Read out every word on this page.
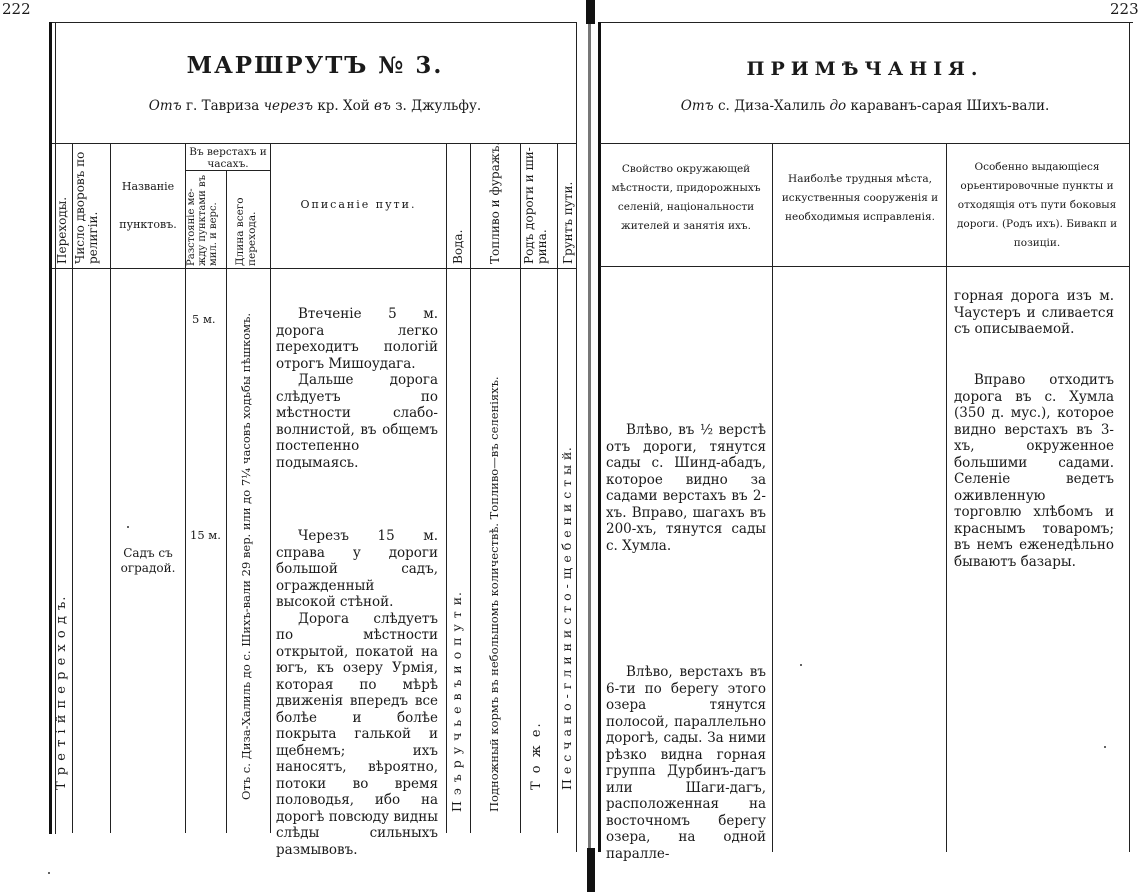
222
МАРШРУТЪ № 3.
Отъ г. Тавриза черезъ кр. Хой въ з. Джульфу.
Переходы. Число дворовъ по религіи.
Названіе
пунктовъ.
Въ верстахъ и часахъ.
Разстоянiе ме-жду пунктами въ мил. и верс. Длина всего перехода.
Описанiе пути.
Вода. Топливо и фуражъ. Родъ дороги и ши-рина. Грунтъ пути.
Т р е т і й п е р е х о д ъ.
5 м.
15 м.
Садъ съ оградой.	Отъ с. Диза-Халиль до с. Шихъ-вали 29 вер. или до 7¼ часовъ ходьбы пѣшкомъ.	П э ъ р у ч ь е в ъ и о п у т и. Подножный кормъ въ небольшомъ количествѣ. Топливо—въ селенiяхъ. Т о ж е. П е с ч а н о - г л и н и с т о - щ е б е н и с т ы й.

Втеченіе 5 м. дорога легко переходитъ пологій отрогъ Мишоудага.

Дальше дорога слѣдуетъ по мѣстности слабо-волнистой, въ общемъ постепенно подымаясь.

Черезъ 15 м. справа у дороги большой садъ, огражденный высокой стѣной.

Дорога слѣдуетъ по мѣстности открытой, покатой на югъ, къ озеру Урмія, которая по мѣрѣ движенія впередъ все болѣе и болѣе покрыта галькой и щебнемъ; ихъ наносятъ, вѣроятно, потоки во время половодья, ибо на дорогѣ повсюду видны слѣды сильныхъ размывовъ.

223
ПРИМѢЧАНІЯ.
Отъ с. Диза-Халиль до караванъ-сарая Шихъ-вали.
Свойство окружающей мѣстности, придорожныхъ селеній, національности жителей и занятія ихъ.
Наиболѣе трудныя мѣста, искуственныя сооруженія и необходимыя исправленія.
Особенно выдающіеся орьентировочные пункты и отходящія отъ пути боковыя дороги. (Родъ ихъ). Бивакп и позиціи.
Влѣво, въ ½ верстѣ отъ дороги, тянутся сады с. Шинд-абадъ, которое видно за садами верстахъ въ 2-хъ. Вправо, шагахъ въ 200-хъ, тянутся сады с. Хумла.
Влѣво, верстахъ въ 6-ти по берегу этого озера тянутся полосой, параллельно дорогѣ, сады. За ними рѣзко видна горная группа Дурбинъ-дагъ или Шаги-дагъ, расположенная на восточномъ берегу озера, на одной паралле-
горная дорога изъ м. Чаустеръ и сливается съ описываемой.
Вправо отходитъ дорога въ с. Хумла (350 д. мус.), которое видно верстахъ въ 3-хъ, окруженное большими садами. Селеніе ведетъ оживленную торговлю хлѣбомъ и краснымъ товаромъ; въ немъ еженедѣльно бываютъ базары.
